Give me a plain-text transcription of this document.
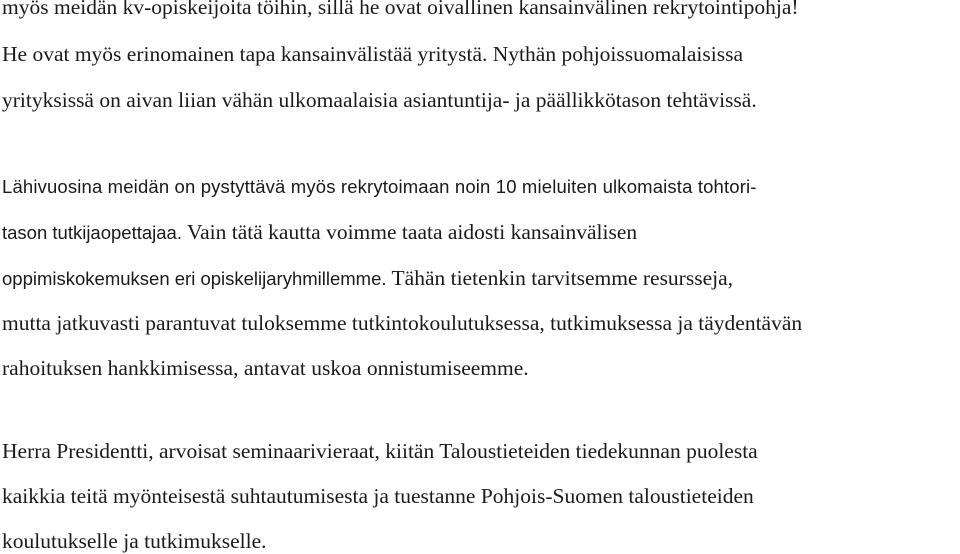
myös meidän kv-opiskeijoita töihin, sillä he ovat oivallinen kansainvälinen rekrytointipohja!
He ovat myös erinomainen tapa kansainvälistää yritystä. Nythän pohjoissuomalaisissa
yrityksissä on aivan liian vähän ulkomaalaisia asiantuntija- ja päällikkötason tehtävissä.
Lähivuosina meidän on pystyttävä myös rekrytoimaan noin 10 mieluiten ulkomaista tohtori-
tason tutkijaopettajaa. Vain tätä kautta voimme taata aidosti kansainvälisen
oppimiskokemuksen eri opiskelijaryhmillemme. Tähän tietenkin tarvitsemme resursseja,
mutta jatkuvasti parantuvat tuloksemme tutkintokoulutuksessa, tutkimuksessa ja täydentävän
rahoituksen hankkimisessa, antavat uskoa onnistumiseemme.
Herra Presidentti, arvoisat seminaarivieraat, kiitän Taloustieteiden tiedekunnan puolesta
kaikkia teitä myönteisestä suhtautumisesta ja tuestanne Pohjois-Suomen taloustieteiden
koulutukselle ja tutkimukselle.
